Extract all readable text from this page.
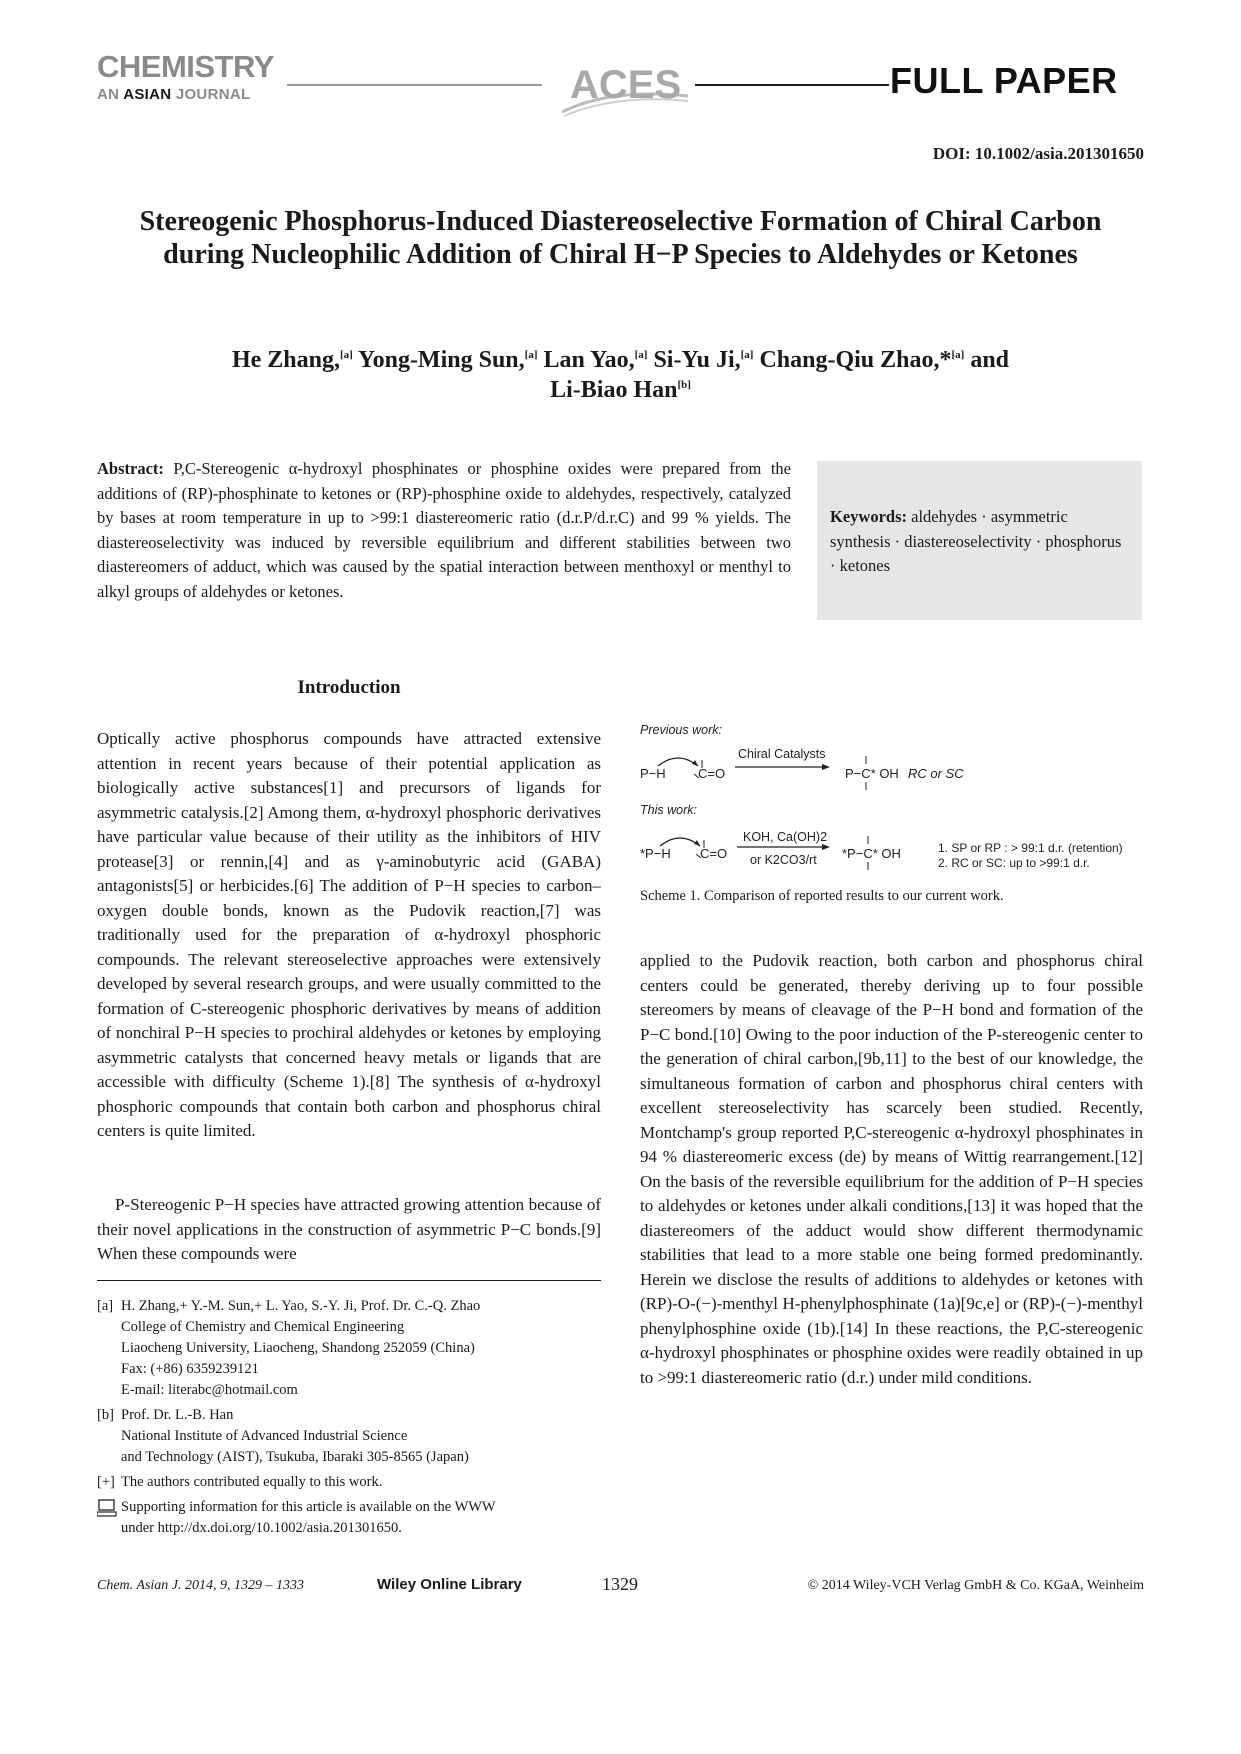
CHEMISTRY
AN ASIAN JOURNAL	ACES	FULL PAPER
DOI: 10.1002/asia.201301650
Stereogenic Phosphorus-Induced Diastereoselective Formation of Chiral Carbon during Nucleophilic Addition of Chiral H−P Species to Aldehydes or Ketones
He Zhang,[a] Yong-Ming Sun,[a] Lan Yao,[a] Si-Yu Ji,[a] Chang-Qiu Zhao,*[a] and
Li-Biao Han[b]
Abstract: P,C-Stereogenic α-hydroxyl phosphinates or phosphine oxides were prepared from the additions of (RP)-phosphinate to ketones or (RP)-phosphine oxide to aldehydes, respectively, catalyzed by bases at room temperature in up to >99:1 diastereomeric ratio (d.r.P/d.r.C) and 99 % yields. The diastereoselectivity was induced by reversible equilibrium and different stabilities between two diastereomers of adduct, which was caused by the spatial interaction between menthoxyl or menthyl to alkyl groups of aldehydes or ketones.
Keywords: aldehydes · asymmetric synthesis · diastereoselectivity · phosphorus · ketones
Introduction
Optically active phosphorus compounds have attracted extensive attention in recent years because of their potential application as biologically active substances[1] and precursors of ligands for asymmetric catalysis.[2] Among them, α-hydroxyl phosphoric derivatives have particular value because of their utility as the inhibitors of HIV protease[3] or rennin,[4] and as γ-aminobutyric acid (GABA) antagonists[5] or herbicides.[6] The addition of P−H species to carbon–oxygen double bonds, known as the Pudovik reaction,[7] was traditionally used for the preparation of α-hydroxyl phosphoric compounds. The relevant stereoselective approaches were extensively developed by several research groups, and were usually committed to the formation of C-stereogenic phosphoric derivatives by means of addition of nonchiral P−H species to prochiral aldehydes or ketones by employing asymmetric catalysts that concerned heavy metals or ligands that are accessible with difficulty (Scheme 1).[8] The synthesis of α-hydroxyl phosphoric compounds that contain both carbon and phosphorus chiral centers is quite limited.
P-Stereogenic P−H species have attracted growing attention because of their novel applications in the construction of asymmetric P−C bonds.[9] When these compounds were
applied to the Pudovik reaction, both carbon and phosphorus chiral centers could be generated, thereby deriving up to four possible stereomers by means of cleavage of the P−H bond and formation of the P−C bond.[10] Owing to the poor induction of the P-stereogenic center to the generation of chiral carbon,[9b,11] to the best of our knowledge, the simultaneous formation of carbon and phosphorus chiral centers with excellent stereoselectivity has scarcely been studied. Recently, Montchamp's group reported P,C-stereogenic α-hydroxyl phosphinates in 94 % diastereomeric excess (de) by means of Wittig rearrangement.[12] On the basis of the reversible equilibrium for the addition of P−H species to aldehydes or ketones under alkali conditions,[13] it was hoped that the diastereomers of the adduct would show different thermodynamic stabilities that lead to a more stable one being formed predominantly. Herein we disclose the results of additions to aldehydes or ketones with (RP)-O-(−)-menthyl H-phenylphosphinate (1a)[9c,e] or (RP)-(−)-menthyl phenylphosphine oxide (1b).[14] In these reactions, the P,C-stereogenic α-hydroxyl phosphinates or phosphine oxides were readily obtained in up to >99:1 diastereomeric ratio (d.r.) under mild conditions.
Previous work:
P−H C=O
Chiral Catalysts
P−C* OH RC or SC
This work:
*P−H C=O
KOH, Ca(OH)2
or K2CO3/rt *P−C* OH	1. SP or RP : > 99:1 d.r. (retention)
2. RC or SC: up to >99:1 d.r.
Scheme 1. Comparison of reported results to our current work.
[a] H. Zhang,+ Y.-M. Sun,+ L. Yao, S.-Y. Ji, Prof. Dr. C.-Q. Zhao
College of Chemistry and Chemical Engineering
Liaocheng University, Liaocheng, Shandong 252059 (China)
Fax: (+86) 6359239121
E-mail: literabc@hotmail.com
[b] Prof. Dr. L.-B. Han
National Institute of Advanced Industrial Science
and Technology (AIST), Tsukuba, Ibaraki 305-8565 (Japan)
[+] The authors contributed equally to this work.
Supporting information for this article is available on the WWW
under http://dx.doi.org/10.1002/asia.201301650.
Chem. Asian J. 2014, 9, 1329 – 1333	Wiley Online Library	1329	© 2014 Wiley-VCH Verlag GmbH & Co. KGaA, Weinheim
